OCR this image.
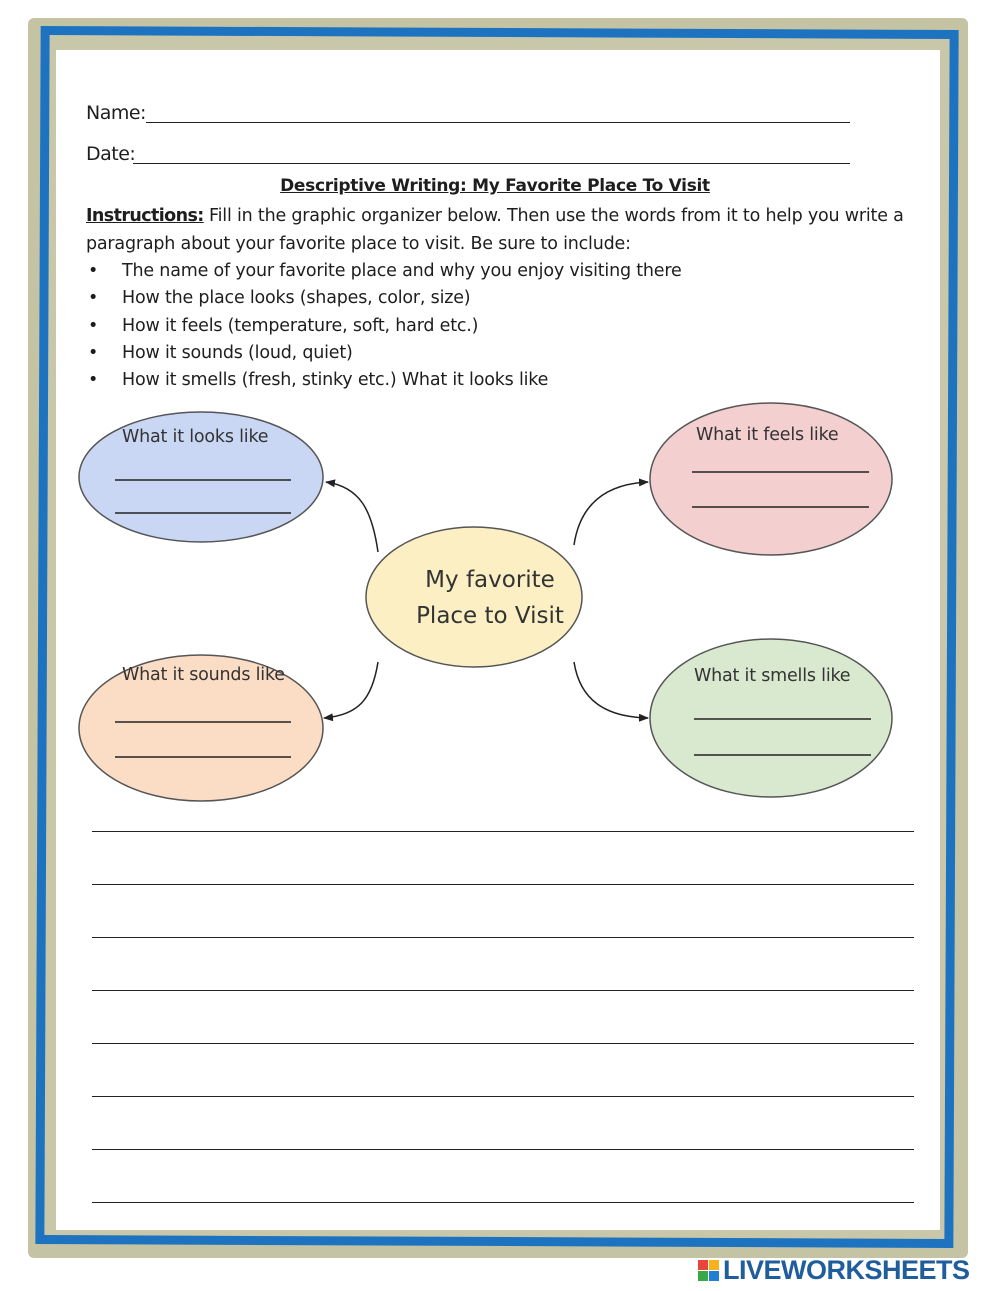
Name:
Date:
Descriptive Writing: My Favorite Place To Visit
Instructions: Fill in the graphic organizer below. Then use the words from it to help you write a paragraph about your favorite place to visit. Be sure to include:
• The name of your favorite place and why you enjoy visiting there
• How the place looks (shapes, color, size)
• How it feels (temperature, soft, hard etc.)
• How it sounds (loud, quiet)
• How it smells (fresh, stinky etc.) What it looks like
What it looks like	What it feels like
What it sounds like	What it smells like
My favorite
Place to Visit
LIVEWORKSHEETS
